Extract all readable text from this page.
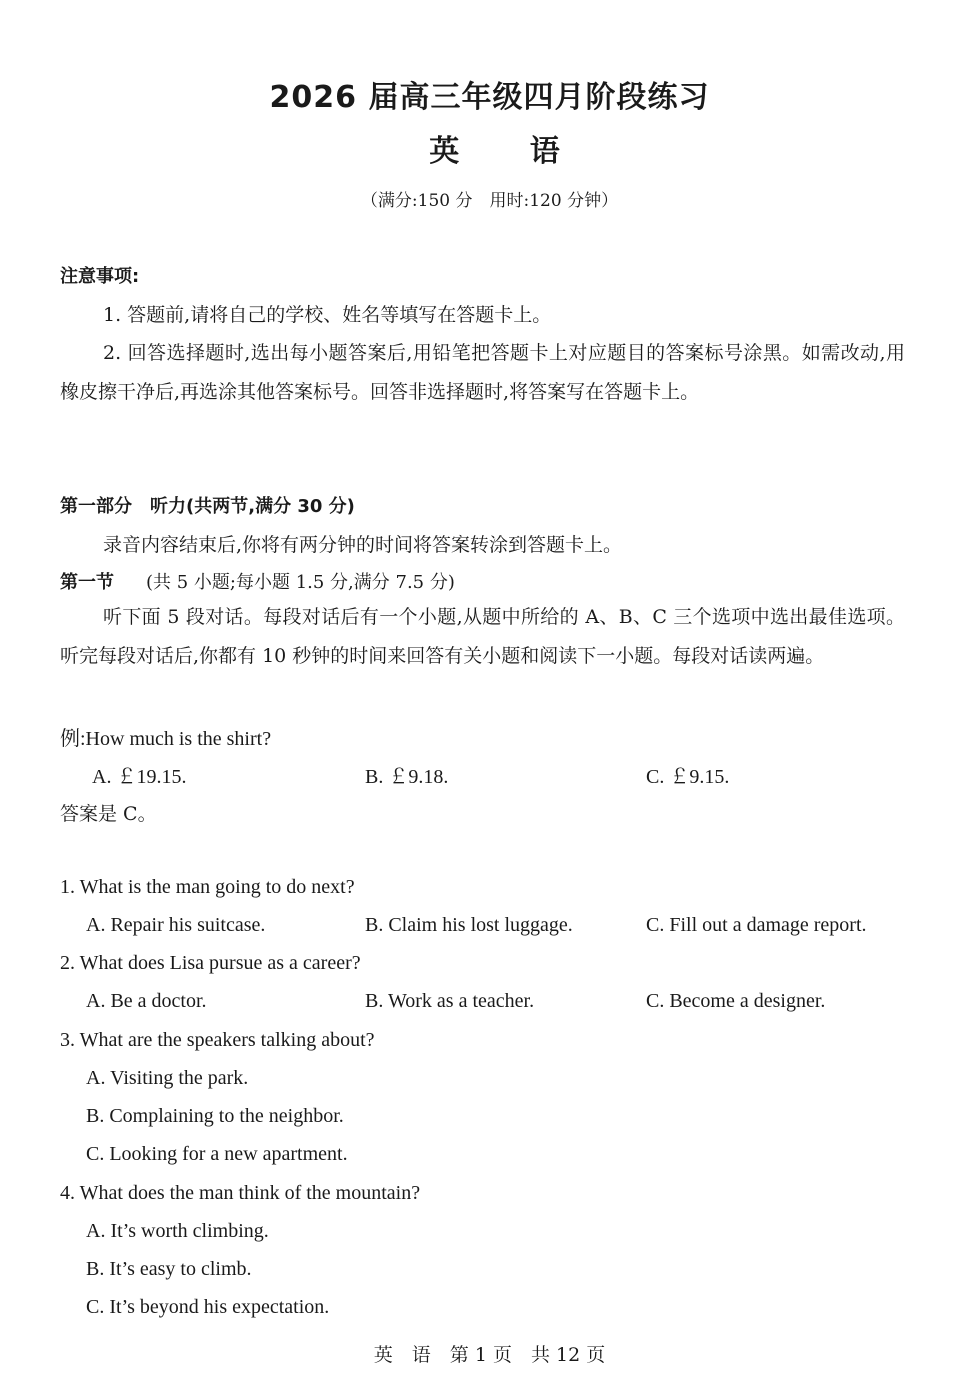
2026 届高三年级四月阶段练习
英 语
（满分:150 分　用时:120 分钟）
注意事项:
1. 答题前,请将自己的学校、姓名等填写在答题卡上。
2. 回答选择题时,选出每小题答案后,用铅笔把答题卡上对应题目的答案标号涂黑。如需改动,用橡皮擦干净后,再选涂其他答案标号。回答非选择题时,将答案写在答题卡上。
第一部分　听力(共两节,满分 30 分)
录音内容结束后,你将有两分钟的时间将答案转涂到答题卡上。
第一节 (共 5 小题;每小题 1.5 分,满分 7.5 分)
听下面 5 段对话。每段对话后有一个小题,从题中所给的 A、B、C 三个选项中选出最佳选项。听完每段对话后,你都有 10 秒钟的时间来回答有关小题和阅读下一小题。每段对话读两遍。
例:How much is the shirt?
A. ￡19.15.	B. ￡9.18.	C. ￡9.15.
答案是 C。
1. What is the man going to do next?
A. Repair his suitcase.	B. Claim his lost luggage.	C. Fill out a damage report.
2. What does Lisa pursue as a career?
A. Be a doctor.	B. Work as a teacher.	C. Become a designer.
3. What are the speakers talking about?
A. Visiting the park.
B. Complaining to the neighbor.
C. Looking for a new apartment.
4. What does the man think of the mountain?
A. It’s worth climbing.
B. It’s easy to climb.
C. It’s beyond his expectation.
英　语　第 1 页　共 12 页
